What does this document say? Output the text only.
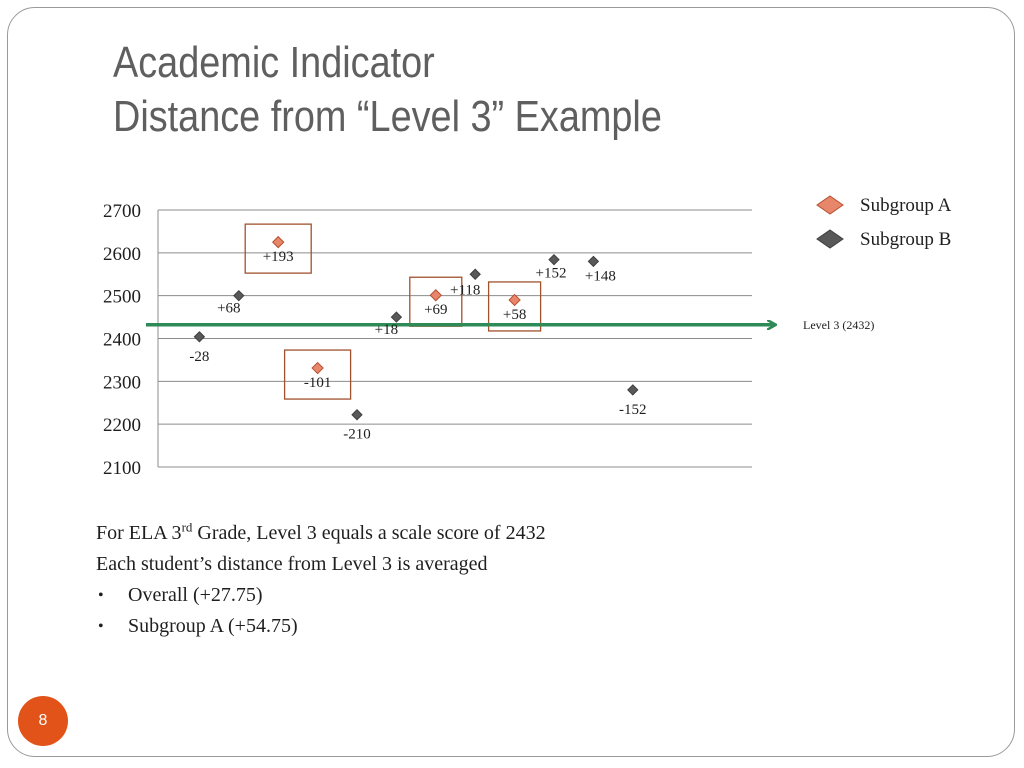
Academic Indicator
Distance from “Level 3” Example
2700
2600
2500
2400
2300
2200
2100
Level 3 (2432)
+193
-101
+69	+58
-28
+68
-210
+18
+118
+152 +148
-152
Subgroup A
Subgroup B

For ELA 3rd Grade, Level 3 equals a scale score of 2432

Each student’s distance from Level 3 is averaged

• Overall (+27.75)
• Subgroup A (+54.75)
8
